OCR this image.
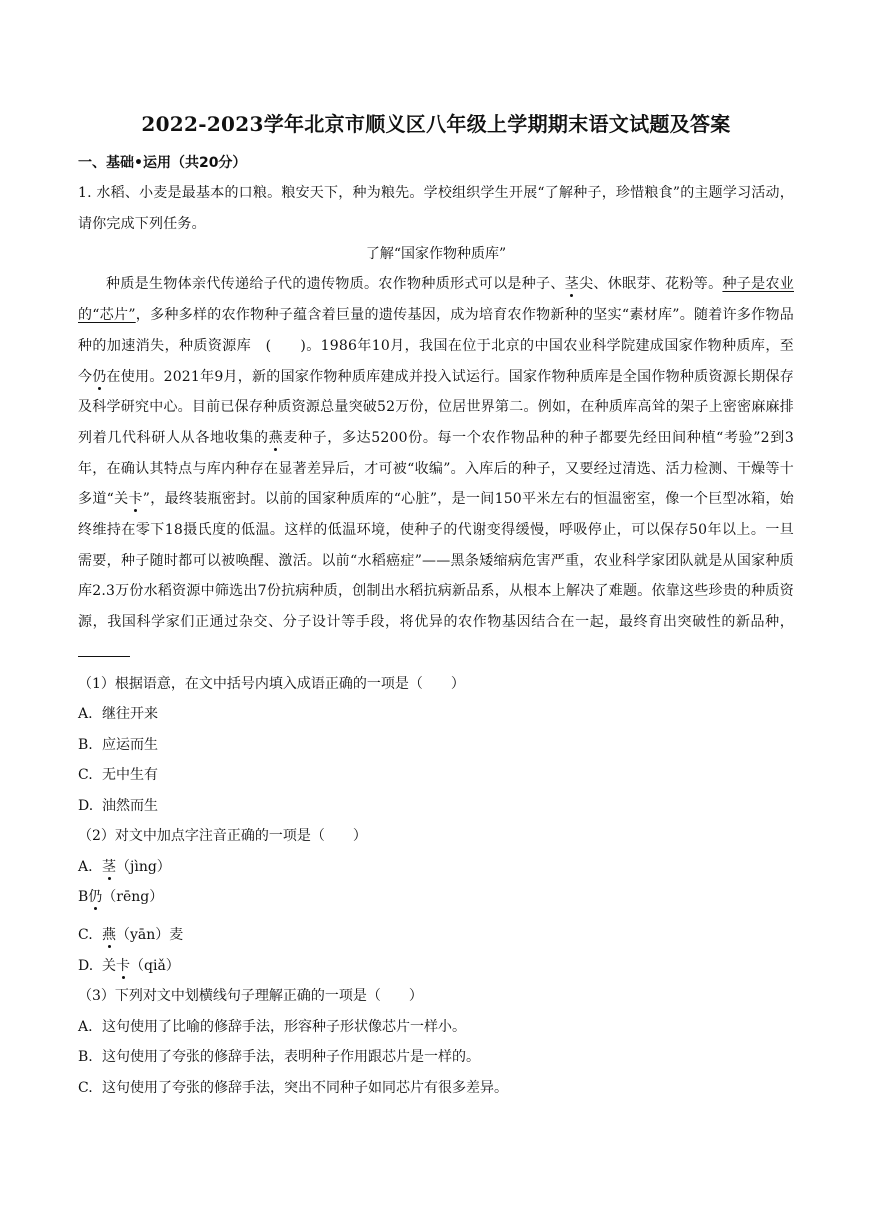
2022-2023学年北京市顺义区八年级上学期期末语文试题及答案
一、基础•运用（共20分）
1. 水稻、小麦是最基本的口粮。粮安天下，种为粮先。学校组织学生开展“了解种子，珍惜粮食”的主题学习活动，请你完成下列任务。
了解“国家作物种质库”
种质是生物体亲代传递给子代的遗传物质。农作物种质形式可以是种子、茎尖、休眠芽、花粉等。种子是农业的“芯片”，多种多样的农作物种子蕴含着巨量的遗传基因，成为培育农作物新种的坚实“素材库”。随着许多作物品种的加速消失，种质资源库　(　　)。1986年10月，我国在位于北京的中国农业科学院建成国家作物种质库，至今仍在使用。2021年9月，新的国家作物种质库建成并投入试运行。国家作物种质库是全国作物种质资源长期保存及科学研究中心。目前已保存种质资源总量突破52万份，位居世界第二。例如，在种质库高耸的架子上密密麻麻排列着几代科研人从各地收集的燕麦种子，多达5200份。每一个农作物品种的种子都要先经田间种植“考验”2到3年，在确认其特点与库内种存在显著差异后，才可被“收编”。入库后的种子，又要经过清选、活力检测、干燥等十多道“关卡”，最终装瓶密封。以前的国家种质库的“心脏”，是一间150平米左右的恒温密室，像一个巨型冰箱，始终维持在零下18摄氏度的低温。这样的低温环境，使种子的代谢变得缓慢，呼吸停止，可以保存50年以上。一旦需要，种子随时都可以被唤醒、激活。以前“水稻癌症”——黑条矮缩病危害严重，农业科学家团队就是从国家种质库2.3万份水稻资源中筛选出7份抗病种质，创制出水稻抗病新品系，从根本上解决了难题。依靠这些珍贵的种质资源，我国科学家们正通过杂交、分子设计等手段，将优异的农作物基因结合在一起，最终育出突破性的新品种，
（1）根据语意，在文中括号内填入成语正确的一项是（　　）
A. 继往开来
B. 应运而生
C. 无中生有
D. 油然而生
（2）对文中加点字注音正确的一项是（　　）
A. 茎（jìng）
B仍（rēng）
C. 燕（yān）麦
D. 关卡（qiǎ）
（3）下列对文中划横线句子理解正确的一项是（　　）
A. 这句使用了比喻的修辞手法，形容种子形状像芯片一样小。
B. 这句使用了夸张的修辞手法，表明种子作用跟芯片是一样的。
C. 这句使用了夸张的修辞手法，突出不同种子如同芯片有很多差异。
